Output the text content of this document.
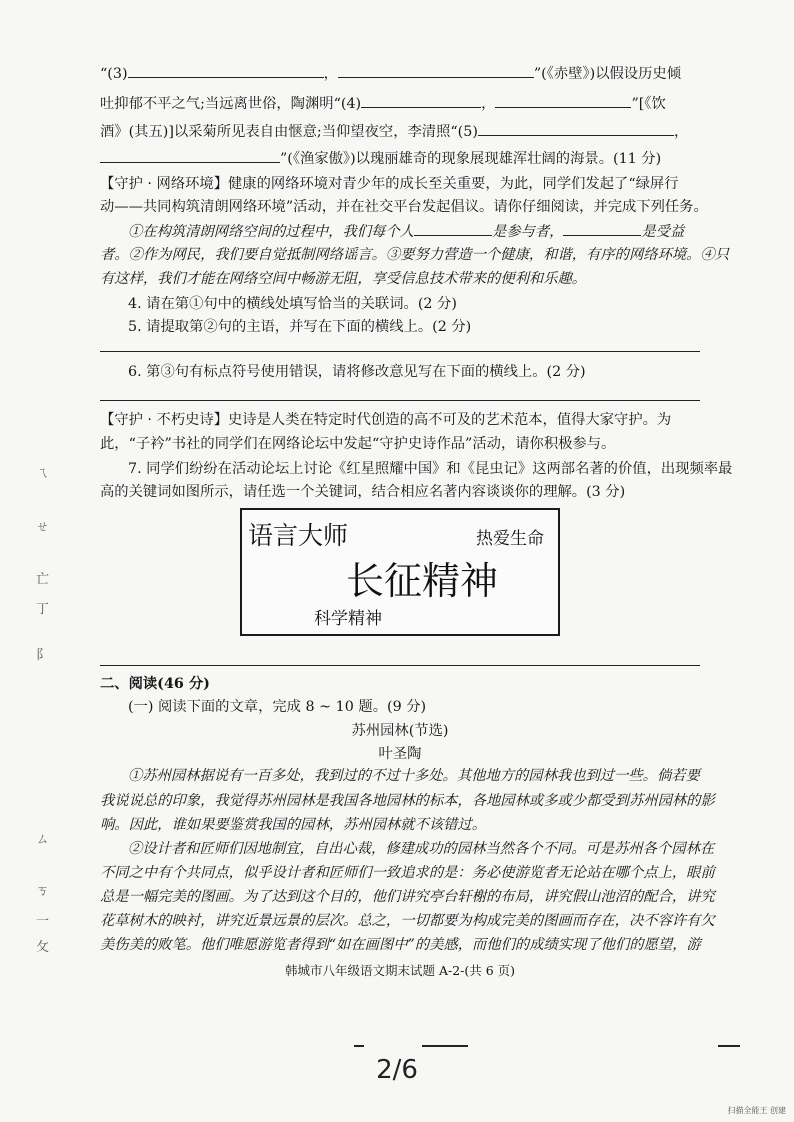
“(3)	，	”(《赤壁》)以假设历史倾
吐抑郁不平之气;当远离世俗，陶渊明“(4)	，	”[《饮
酒》(其五)]以采菊所见表自由惬意;当仰望夜空，李清照“(5)	，
”(《渔家傲》)以瑰丽雄奇的现象展现雄浑壮阔的海景。(11 分)
【守护 · 网络环境】健康的网络环境对青少年的成长至关重要，为此，同学们发起了“绿屏行
动——共同构筑清朗网络环境”活动，并在社交平台发起倡议。请你仔细阅读，并完成下列任务。
①在构筑清朗网络空间的过程中，我们每个人	是参与者，	是受益
者。②作为网民，我们要自觉抵制网络谣言。③要努力营造一个健康，和谐，有序的网络环境。④只
有这样，我们才能在网络空间中畅游无阻，享受信息技术带来的便利和乐趣。
4. 请在第①句中的横线处填写恰当的关联词。(2 分)
5. 请提取第②句的主语，并写在下面的横线上。(2 分)
6. 第③句有标点符号使用错误，请将修改意见写在下面的横线上。(2 分)
【守护 · 不朽史诗】史诗是人类在特定时代创造的高不可及的艺术范本，值得大家守护。为
此，“子衿”书社的同学们在网络论坛中发起“守护史诗作品”活动，请你积极参与。
7. 同学们纷纷在活动论坛上讨论《红星照耀中国》和《昆虫记》这两部名著的价值，出现频率最
高的关键词如图所示，请任选一个关键词，结合相应名著内容谈谈你的理解。(3 分)
语言大师	热爱生命
长征精神
科学精神
二、阅读(46 分)
(一) 阅读下面的文章，完成 8 ~ 10 题。(9 分)
苏州园林(节选)
叶圣陶
①苏州园林据说有一百多处，我到过的不过十多处。其他地方的园林我也到过一些。倘若要
我说说总的印象，我觉得苏州园林是我国各地园林的标本，各地园林或多或少都受到苏州园林的影
响。因此，谁如果要鉴赏我国的园林，苏州园林就不该错过。
②设计者和匠师们因地制宜，自出心裁，修建成功的园林当然各个不同。可是苏州各个园林在
不同之中有个共同点，似乎设计者和匠师们一致追求的是：务必使游览者无论站在哪个点上，眼前
总是一幅完美的图画。为了达到这个目的，他们讲究亭台轩榭的布局，讲究假山池沼的配合，讲究
花草树木的映衬，讲究近景远景的层次。总之，一切都要为构成完美的图画而存在，决不容许有欠
美伤美的败笔。他们唯愿游览者得到“如在画图中”的美感，而他们的成绩实现了他们的愿望，游
韩城市八年级语文期末试题 A-2-(共 6 页)
2/6
ㄟ
ㄝ
亡
丁
阝
ㄙ
ㄎ
一
攵
扫描全能王 创建
